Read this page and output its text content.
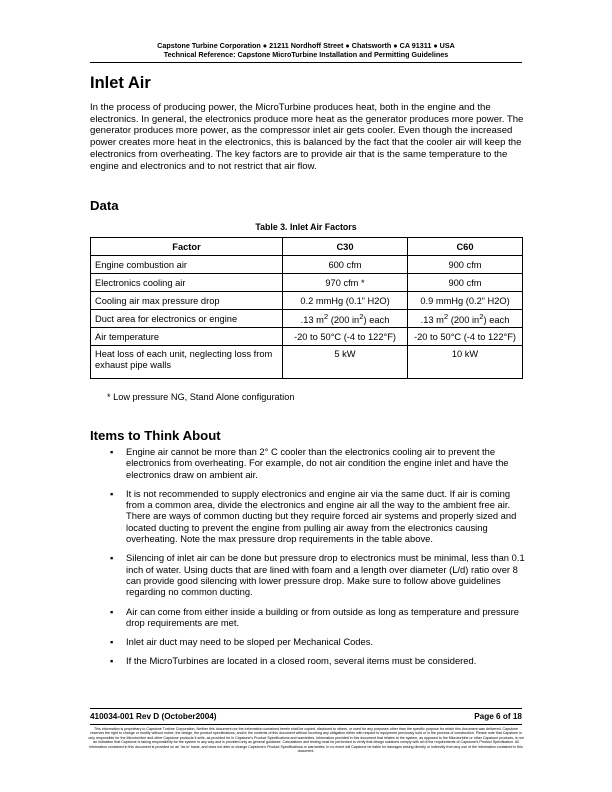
Capstone Turbine Corporation ● 21211 Nordhoff Street ● Chatsworth ● CA 91311 ● USA
Technical Reference: Capstone MicroTurbine Installation and Permitting Guidelines
Inlet Air

In the process of producing power, the MicroTurbine produces heat, both in the engine and the electronics. In general, the electronics produce more heat as the generator produces more power. The generator produces more power, as the compressor inlet air gets cooler. Even though the increased power creates more heat in the electronics, this is balanced by the fact that the cooler air will keep the electronics from overheating. The key factors are to provide air that is the same temperature to the engine and electronics and to not restrict that air flow.

Data
Table 3. Inlet Air Factors
Factor	C30	C60
Engine combustion air	600 cfm	900 cfm
Electronics cooling air	970 cfm *	900 cfm
Cooling air max pressure drop	0.2 mmHg (0.1” H2O)	0.9 mmHg (0.2” H2O)
Duct area for electronics or engine	.13 $m^2$ (200 $in^2$) each	.13 $m^2$ (200 $in^2$) each
Air temperature	-20 to 50°C (-4 to 122°F)	-20 to 50°C (-4 to 122°F)
Heat loss of each unit, neglecting loss from exhaust pipe walls	5 kW	10 kW
* Low pressure NG, Stand Alone configuration
Items to Think About
▪ Engine air cannot be more than 2° C cooler than the electronics cooling air to prevent the electronics from overheating. For example, do not air condition the engine inlet and have the electronics draw on ambient air.
▪ It is not recommended to supply electronics and engine air via the same duct. If air is coming from a common area, divide the electronics and engine air all the way to the ambient free air. There are ways of common ducting but they require forced air systems and properly sized and located ducting to prevent the engine from pulling air away from the electronics causing overheating. Note the max pressure drop requirements in the table above.
▪ Silencing of inlet air can be done but pressure drop to electronics must be minimal, less than 0.1 inch of water. Using ducts that are lined with foam and a length over diameter (L/d) ratio over 8 can provide good silencing with lower pressure drop. Make sure to follow above guidelines regarding no common ducting.
▪ Air can come from either inside a building or from outside as long as temperature and pressure drop requirements are met.
▪ Inlet air duct may need to be sloped per Mechanical Codes.
▪ If the MicroTurbines are located in a closed room, several items must be considered.
410034-001 Rev D (October2004)	Page 6 of 18
This information is proprietary to Capstone Turbine Corporation. Neither this document nor the information contained herein shall be copied, disclosed to others, or used for any purposes other than the specific purpose for which this document was delivered. Capstone reserves the right to change or modify without notice, the design, the product specifications, and/or the contents of this document without incurring any obligation either with respect to equipment previously sold or in the process of construction. Please note that Capstone is only responsible for the Microturbine and other Capstone products it sells, as provided for in Capstone's Product Specifications and warranties. Information provided in this document that relates to the system, as opposed to the Microturbine or other Capstone products, is not an indication that Capstone is taking responsibility for the system in any way and is provided only as general guidance. Calculations and testing must be performed to verify that design solutions comply with all of the requirements of Capstone's Product Specification. All information contained in this document is provided on an "as is" basis, and does not alter or change Capstone's Product Specifications or warranties. In no event will Capstone be liable for damages arising directly or indirectly from any use of the information contained in this document.
